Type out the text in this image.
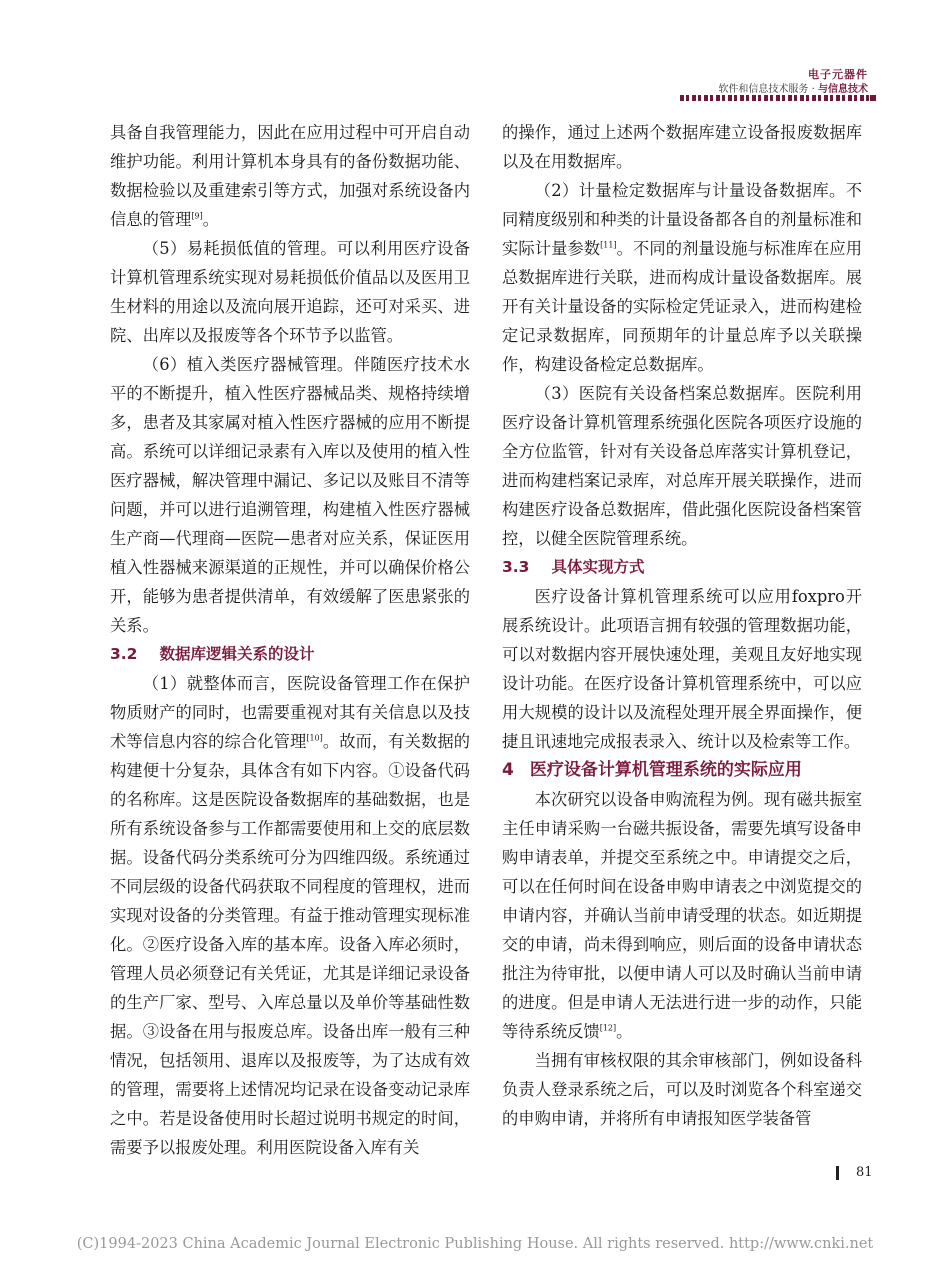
电子元器件
软件和信息技术服务 · 与信息技术

具备自我管理能力，因此在应用过程中可开启自动维护功能。利用计算机本身具有的备份数据功能、数据检验以及重建索引等方式，加强对系统设备内信息的管理[9]。

（5）易耗损低值的管理。可以利用医疗设备计算机管理系统实现对易耗损低价值品以及医用卫生材料的用途以及流向展开追踪，还可对采买、进院、出库以及报废等各个环节予以监管。

（6）植入类医疗器械管理。伴随医疗技术水平的不断提升，植入性医疗器械品类、规格持续增多，患者及其家属对植入性医疗器械的应用不断提高。系统可以详细记录素有入库以及使用的植入性医疗器械，解决管理中漏记、多记以及账目不清等问题，并可以进行追溯管理，构建植入性医疗器械生产商—代理商—医院—患者对应关系，保证医用植入性器械来源渠道的正规性，并可以确保价格公开，能够为患者提供清单，有效缓解了医患紧张的关系。

3.2 数据库逻辑关系的设计

（1）就整体而言，医院设备管理工作在保护物质财产的同时，也需要重视对其有关信息以及技术等信息内容的综合化管理[10]。故而，有关数据的构建便十分复杂，具体含有如下内容。①设备代码的名称库。这是医院设备数据库的基础数据，也是所有系统设备参与工作都需要使用和上交的底层数据。设备代码分类系统可分为四维四级。系统通过不同层级的设备代码获取不同程度的管理权，进而实现对设备的分类管理。有益于推动管理实现标准化。②医疗设备入库的基本库。设备入库必须时，管理人员必须登记有关凭证，尤其是详细记录设备的生产厂家、型号、入库总量以及单价等基础性数据。③设备在用与报废总库。设备出库一般有三种情况，包括领用、退库以及报废等，为了达成有效的管理，需要将上述情况均记录在设备变动记录库之中。若是设备使用时长超过说明书规定的时间，需要予以报废处理。利用医院设备入库有关

的操作，通过上述两个数据库建立设备报废数据库以及在用数据库。

（2）计量检定数据库与计量设备数据库。不同精度级别和种类的计量设备都各自的剂量标准和实际计量参数[11]。不同的剂量设施与标准库在应用总数据库进行关联，进而构成计量设备数据库。展开有关计量设备的实际检定凭证录入，进而构建检定记录数据库，同预期年的计量总库予以关联操作，构建设备检定总数据库。

（3）医院有关设备档案总数据库。医院利用医疗设备计算机管理系统强化医院各项医疗设施的全方位监管，针对有关设备总库落实计算机登记，进而构建档案记录库，对总库开展关联操作，进而构建医疗设备总数据库，借此强化医院设备档案管控，以健全医院管理系统。

3.3 具体实现方式

医疗设备计算机管理系统可以应用foxpro开展系统设计。此项语言拥有较强的管理数据功能，可以对数据内容开展快速处理，美观且友好地实现设计功能。在医疗设备计算机管理系统中，可以应用大规模的设计以及流程处理开展全界面操作，便捷且讯速地完成报表录入、统计以及检索等工作。

4 医疗设备计算机管理系统的实际应用

本次研究以设备申购流程为例。现有磁共振室主任申请采购一台磁共振设备，需要先填写设备申购申请表单，并提交至系统之中。申请提交之后，可以在任何时间在设备申购申请表之中浏览提交的申请内容，并确认当前申请受理的状态。如近期提交的申请，尚未得到响应，则后面的设备申请状态批注为待审批，以便申请人可以及时确认当前申请的进度。但是申请人无法进行进一步的动作，只能等待系统反馈[12]。

当拥有审核权限的其余审核部门，例如设备科负责人登录系统之后，可以及时浏览各个科室递交的申购申请，并将所有申请报知医学装备管

81
(C)1994-2023 China Academic Journal Electronic Publishing House. All rights reserved. http://www.cnki.net
